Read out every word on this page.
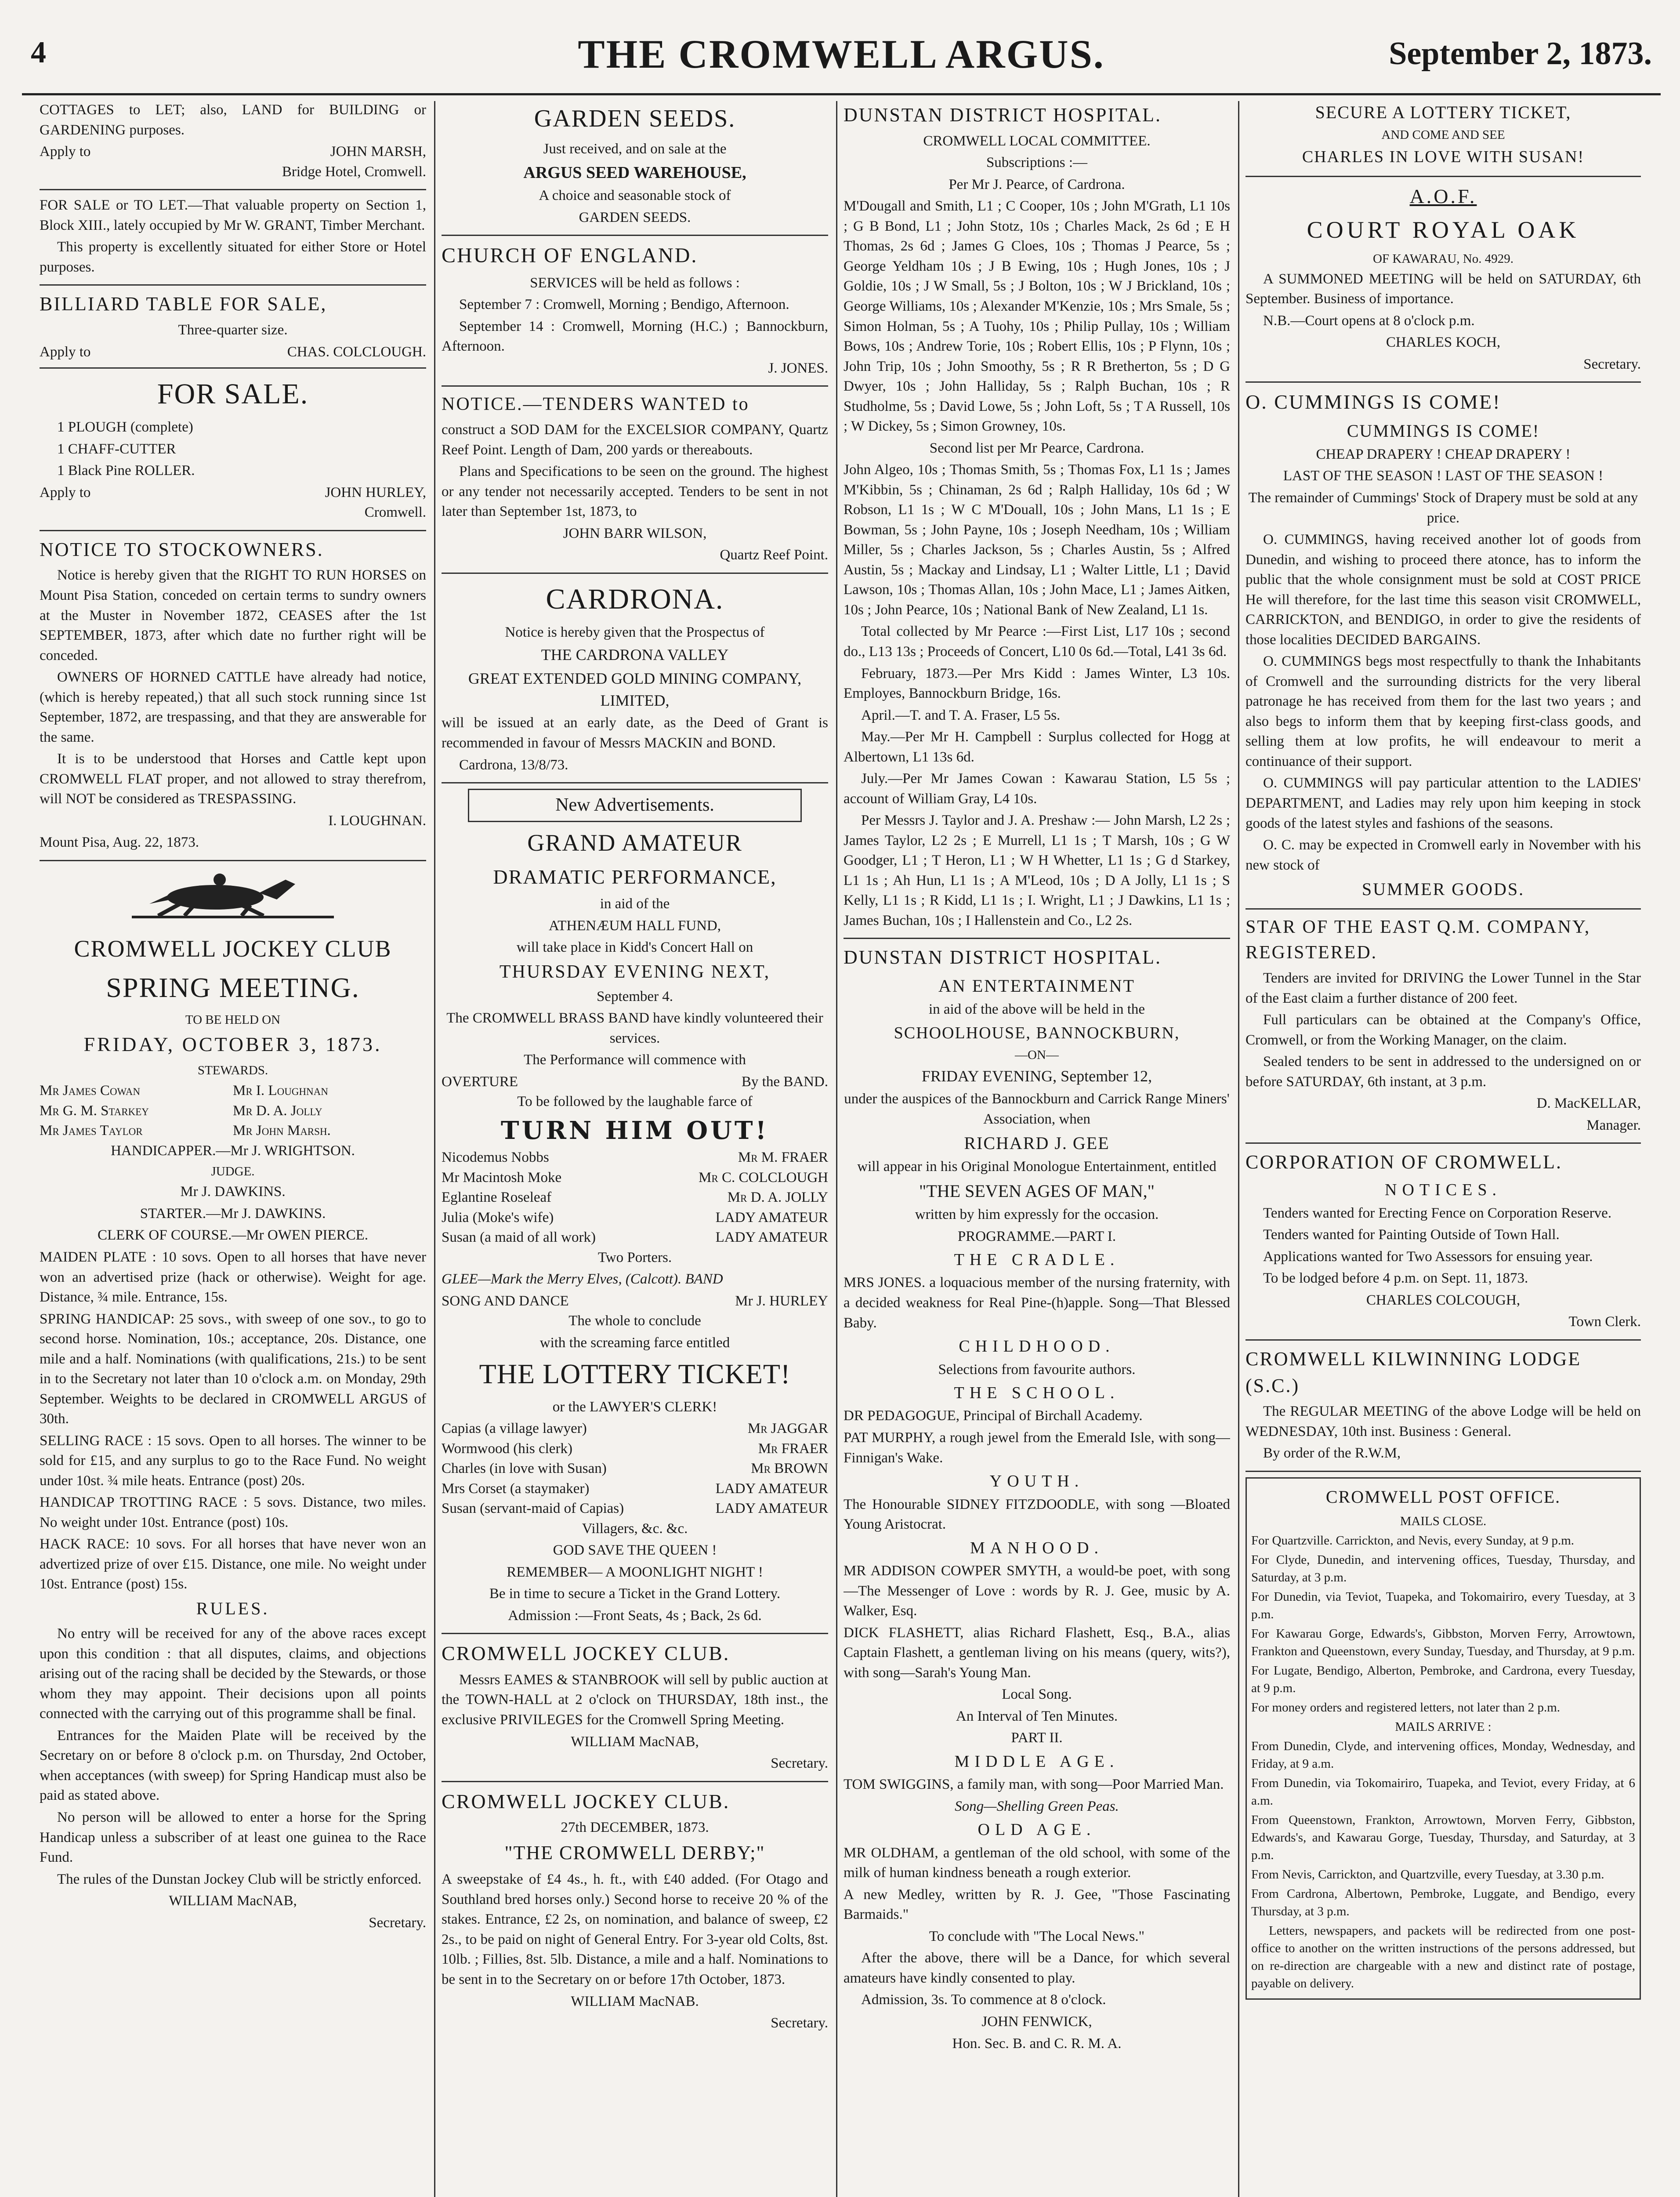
4	THE CROMWELL ARGUS.	September 2, 1873.

COTTAGES to LET; also, LAND for BUILDING or GARDENING purposes.

Apply to	JOHN MARSH,

Bridge Hotel, Cromwell.

FOR SALE or TO LET.—That valuable property on Section 1, Block XIII., lately occupied by Mr W. GRANT, Timber Merchant.

This property is excellently situated for either Store or Hotel purposes.

BILLIARD TABLE FOR SALE,

Three-quarter size.

Apply to	CHAS. COLCLOUGH.
FOR SALE.

1 PLOUGH (complete)

1 CHAFF-CUTTER

1 Black Pine ROLLER.

Apply to	JOHN HURLEY,

Cromwell.

NOTICE TO STOCKOWNERS.

Notice is hereby given that the RIGHT TO RUN HORSES on Mount Pisa Station, conceded on certain terms to sundry owners at the Muster in November 1872, CEASES after the 1st SEPTEMBER, 1873, after which date no further right will be conceded.

OWNERS OF HORNED CATTLE have already had notice, (which is hereby repeated,) that all such stock running since 1st September, 1872, are trespassing, and that they are answerable for the same.

It is to be understood that Horses and Cattle kept upon CROMWELL FLAT proper, and not allowed to stray therefrom, will NOT be considered as TRESPASSING.

I. LOUGHNAN.

Mount Pisa, Aug. 22, 1873.

CROMWELL JOCKEY CLUB
SPRING MEETING.

TO BE HELD ON

FRIDAY, OCTOBER 3, 1873.

STEWARDS.

Mr James Cowan	Mr I. Loughnan
Mr G. M. Starkey	Mr D. A. Jolly
Mr James Taylor	Mr John Marsh.

HANDICAPPER.—Mr J. WRIGHTSON.

JUDGE.

Mr J. DAWKINS.

STARTER.—Mr J. DAWKINS.

CLERK OF COURSE.—Mr OWEN PIERCE.

MAIDEN PLATE : 10 sovs. Open to all horses that have never won an advertised prize (hack or otherwise). Weight for age. Distance, ¾ mile. Entrance, 15s.

SPRING HANDICAP: 25 sovs., with sweep of one sov., to go to second horse. Nomination, 10s.; acceptance, 20s. Distance, one mile and a half. Nominations (with qualifications, 21s.) to be sent in to the Secretary not later than 10 o'clock a.m. on Monday, 29th September. Weights to be declared in CROMWELL ARGUS of 30th.

SELLING RACE : 15 sovs. Open to all horses. The winner to be sold for £15, and any surplus to go to the Race Fund. No weight under 10st. ¾ mile heats. Entrance (post) 20s.

HANDICAP TROTTING RACE : 5 sovs. Distance, two miles. No weight under 10st. Entrance (post) 10s.

HACK RACE: 10 sovs. For all horses that have never won an advertized prize of over £15. Distance, one mile. No weight under 10st. Entrance (post) 15s.

RULES.

No entry will be received for any of the above races except upon this condition : that all disputes, claims, and objections arising out of the racing shall be decided by the Stewards, or those whom they may appoint. Their decisions upon all points connected with the carrying out of this programme shall be final.

Entrances for the Maiden Plate will be received by the Secretary on or before 8 o'clock p.m. on Thursday, 2nd October, when acceptances (with sweep) for Spring Handicap must also be paid as stated above.

No person will be allowed to enter a horse for the Spring Handicap unless a subscriber of at least one guinea to the Race Fund.

The rules of the Dunstan Jockey Club will be strictly enforced.

WILLIAM MacNAB,

Secretary.

GARDEN SEEDS.

Just received, and on sale at the

ARGUS SEED WAREHOUSE,

A choice and seasonable stock of

GARDEN SEEDS.

CHURCH OF ENGLAND.

SERVICES will be held as follows :

September 7 : Cromwell, Morning ; Bendigo, Afternoon.

September 14 : Cromwell, Morning (H.C.) ; Bannockburn, Afternoon.

J. JONES.

NOTICE.—TENDERS WANTED to

construct a SOD DAM for the EXCELSIOR COMPANY, Quartz Reef Point. Length of Dam, 200 yards or thereabouts.

Plans and Specifications to be seen on the ground. The highest or any tender not necessarily accepted. Tenders to be sent in not later than September 1st, 1873, to

JOHN BARR WILSON,

Quartz Reef Point.

CARDRONA.

Notice is hereby given that the Prospectus of

THE CARDRONA VALLEY

GREAT EXTENDED GOLD MINING COMPANY, LIMITED,

will be issued at an early date, as the Deed of Grant is recommended in favour of Messrs MACKIN and BOND.

Cardrona, 13/8/73.

New Advertisements.
GRAND AMATEUR
DRAMATIC PERFORMANCE,

in aid of the

ATHENÆUM HALL FUND,

will take place in Kidd's Concert Hall on

THURSDAY EVENING NEXT,

September 4.

The CROMWELL BRASS BAND have kindly volunteered their services.

The Performance will commence with

OVERTURE	By the BAND.

To be followed by the laughable farce of

TURN HIM OUT!
Nicodemus Nobbs	Mr M. FRAER
Mr Macintosh Moke	Mr C. COLCLOUGH
Eglantine Roseleaf	Mr D. A. JOLLY
Julia (Moke's wife)	LADY AMATEUR
Susan (a maid of all work)	LADY AMATEUR

Two Porters.

GLEE—Mark the Merry Elves, (Calcott). BAND

SONG AND DANCE	Mr J. HURLEY

The whole to conclude

with the screaming farce entitled

THE LOTTERY TICKET!

or the LAWYER'S CLERK!

Capias (a village lawyer)	Mr JAGGAR
Wormwood (his clerk)	Mr FRAER
Charles (in love with Susan)	Mr BROWN
Mrs Corset (a staymaker)	LADY AMATEUR
Susan (servant-maid of Capias)	LADY AMATEUR

Villagers, &c. &c.

GOD SAVE THE QUEEN !

REMEMBER— A MOONLIGHT NIGHT !

Be in time to secure a Ticket in the Grand Lottery.

Admission :—Front Seats, 4s ; Back, 2s 6d.

CROMWELL JOCKEY CLUB.

Messrs EAMES & STANBROOK will sell by public auction at the TOWN-HALL at 2 o'clock on THURSDAY, 18th inst., the exclusive PRIVILEGES for the Cromwell Spring Meeting.

WILLIAM MacNAB,

Secretary.

CROMWELL JOCKEY CLUB.

27th DECEMBER, 1873.

"THE CROMWELL DERBY;"

A sweepstake of £4 4s., h. ft., with £40 added. (For Otago and Southland bred horses only.) Second horse to receive 20 % of the stakes. Entrance, £2 2s, on nomination, and balance of sweep, £2 2s., to be paid on night of General Entry. For 3-year old Colts, 8st. 10lb. ; Fillies, 8st. 5lb. Distance, a mile and a half. Nominations to be sent in to the Secretary on or before 17th October, 1873.

WILLIAM MacNAB.

Secretary.

DUNSTAN DISTRICT HOSPITAL.

CROMWELL LOCAL COMMITTEE.

Subscriptions :—

Per Mr J. Pearce, of Cardrona.

M'Dougall and Smith, L1 ; C Cooper, 10s ; John M'Grath, L1 10s ; G B Bond, L1 ; John Stotz, 10s ; Charles Mack, 2s 6d ; E H Thomas, 2s 6d ; James G Cloes, 10s ; Thomas J Pearce, 5s ; George Yeldham 10s ; J B Ewing, 10s ; Hugh Jones, 10s ; J Goldie, 10s ; J W Small, 5s ; J Bolton, 10s ; W J Brickland, 10s ; George Williams, 10s ; Alexander M'Kenzie, 10s ; Mrs Smale, 5s ; Simon Holman, 5s ; A Tuohy, 10s ; Philip Pullay, 10s ; William Bows, 10s ; Andrew Torie, 10s ; Robert Ellis, 10s ; P Flynn, 10s ; John Trip, 10s ; John Smoothy, 5s ; R R Bretherton, 5s ; D G Dwyer, 10s ; John Halliday, 5s ; Ralph Buchan, 10s ; R Studholme, 5s ; David Lowe, 5s ; John Loft, 5s ; T A Russell, 10s ; W Dickey, 5s ; Simon Growney, 10s.

Second list per Mr Pearce, Cardrona.

John Algeo, 10s ; Thomas Smith, 5s ; Thomas Fox, L1 1s ; James M'Kibbin, 5s ; Chinaman, 2s 6d ; Ralph Halliday, 10s 6d ; W Robson, L1 1s ; W C M'Douall, 10s ; John Mans, L1 1s ; E Bowman, 5s ; John Payne, 10s ; Joseph Needham, 10s ; William Miller, 5s ; Charles Jackson, 5s ; Charles Austin, 5s ; Alfred Austin, 5s ; Mackay and Lindsay, L1 ; Walter Little, L1 ; David Lawson, 10s ; Thomas Allan, 10s ; John Mace, L1 ; James Aitken, 10s ; John Pearce, 10s ; National Bank of New Zealand, L1 1s.

Total collected by Mr Pearce :—First List, L17 10s ; second do., L13 13s ; Proceeds of Concert, L10 0s 6d.—Total, L41 3s 6d.

February, 1873.—Per Mrs Kidd : James Winter, L3 10s. Employes, Bannockburn Bridge, 16s.

April.—T. and T. A. Fraser, L5 5s.

May.—Per Mr H. Campbell : Surplus collected for Hogg at Albertown, L1 13s 6d.

July.—Per Mr James Cowan : Kawarau Station, L5 5s ; account of William Gray, L4 10s.

Per Messrs J. Taylor and J. A. Preshaw :— John Marsh, L2 2s ; James Taylor, L2 2s ; E Murrell, L1 1s ; T Marsh, 10s ; G W Goodger, L1 ; T Heron, L1 ; W H Whetter, L1 1s ; G d Starkey, L1 1s ; Ah Hun, L1 1s ; A M'Leod, 10s ; D A Jolly, L1 1s ; S Kelly, L1 1s ; R Kidd, L1 1s ; I. Wright, L1 ; J Dawkins, L1 1s ; James Buchan, 10s ; I Hallenstein and Co., L2 2s.

DUNSTAN DISTRICT HOSPITAL.

AN ENTERTAINMENT

in aid of the above will be held in the

SCHOOLHOUSE, BANNOCKBURN,

—ON—

FRIDAY EVENING, September 12,

under the auspices of the Bannockburn and Carrick Range Miners' Association, when

RICHARD J. GEE

will appear in his Original Monologue Entertainment, entitled

"THE SEVEN AGES OF MAN,"

written by him expressly for the occasion.

PROGRAMME.—PART I.

THE CRADLE.

MRS JONES. a loquacious member of the nursing fraternity, with a decided weakness for Real Pine-(h)apple. Song—That Blessed Baby.

CHILDHOOD.

Selections from favourite authors.

THE SCHOOL.

DR PEDAGOGUE, Principal of Birchall Academy.

PAT MURPHY, a rough jewel from the Emerald Isle, with song—Finnigan's Wake.

YOUTH.

The Honourable SIDNEY FITZDOODLE, with song —Bloated Young Aristocrat.

MANHOOD.

MR ADDISON COWPER SMYTH, a would-be poet, with song—The Messenger of Love : words by R. J. Gee, music by A. Walker, Esq.

DICK FLASHETT, alias Richard Flashett, Esq., B.A., alias Captain Flashett, a gentleman living on his means (query, wits?), with song—Sarah's Young Man.

Local Song.

An Interval of Ten Minutes.

PART II.

MIDDLE AGE.

TOM SWIGGINS, a family man, with song—Poor Married Man.

Song—Shelling Green Peas.

OLD AGE.

MR OLDHAM, a gentleman of the old school, with some of the milk of human kindness beneath a rough exterior.

A new Medley, written by R. J. Gee, "Those Fascinating Barmaids."

To conclude with "The Local News."

After the above, there will be a Dance, for which several amateurs have kindly consented to play.

Admission, 3s. To commence at 8 o'clock.

JOHN FENWICK,

Hon. Sec. B. and C. R. M. A.

SECURE A LOTTERY TICKET,

AND COME AND SEE

CHARLES IN LOVE WITH SUSAN!

A.O.F.
COURT ROYAL OAK

OF KAWARAU, No. 4929.

A SUMMONED MEETING will be held on SATURDAY, 6th September. Business of importance.

N.B.—Court opens at 8 o'clock p.m.

CHARLES KOCH,

Secretary.

O. CUMMINGS IS COME!

CUMMINGS IS COME!

CHEAP DRAPERY ! CHEAP DRAPERY !

LAST OF THE SEASON ! LAST OF THE SEASON !

The remainder of Cummings' Stock of Drapery must be sold at any price.

O. CUMMINGS, having received another lot of goods from Dunedin, and wishing to proceed there atonce, has to inform the public that the whole consignment must be sold at COST PRICE He will therefore, for the last time this season visit CROMWELL, CARRICKTON, and BENDIGO, in order to give the residents of those localities DECIDED BARGAINS.

O. CUMMINGS begs most respectfully to thank the Inhabitants of Cromwell and the surrounding districts for the very liberal patronage he has received from them for the last two years ; and also begs to inform them that by keeping first-class goods, and selling them at low profits, he will endeavour to merit a continuance of their support.

O. CUMMINGS will pay particular attention to the LADIES' DEPARTMENT, and Ladies may rely upon him keeping in stock goods of the latest styles and fashions of the seasons.

O. C. may be expected in Cromwell early in November with his new stock of

SUMMER GOODS.

STAR OF THE EAST Q.M. COMPANY, REGISTERED.

Tenders are invited for DRIVING the Lower Tunnel in the Star of the East claim a further distance of 200 feet.

Full particulars can be obtained at the Company's Office, Cromwell, or from the Working Manager, on the claim.

Sealed tenders to be sent in addressed to the undersigned on or before SATURDAY, 6th instant, at 3 p.m.

D. MacKELLAR,

Manager.

CORPORATION OF CROMWELL.

NOTICES.

Tenders wanted for Erecting Fence on Corporation Reserve.

Tenders wanted for Painting Outside of Town Hall.

Applications wanted for Two Assessors for ensuing year.

To be lodged before 4 p.m. on Sept. 11, 1873.

CHARLES COLCOUGH,

Town Clerk.

CROMWELL KILWINNING LODGE (S.C.)

The REGULAR MEETING of the above Lodge will be held on WEDNESDAY, 10th inst. Business : General.

By order of the R.W.M,

CROMWELL POST OFFICE.

MAILS CLOSE.

For Quartzville. Carrickton, and Nevis, every Sunday, at 9 p.m.

For Clyde, Dunedin, and intervening offices, Tuesday, Thursday, and Saturday, at 3 p.m.

For Dunedin, via Teviot, Tuapeka, and Tokomairiro, every Tuesday, at 3 p.m.

For Kawarau Gorge, Edwards's, Gibbston, Morven Ferry, Arrowtown, Frankton and Queenstown, every Sunday, Tuesday, and Thursday, at 9 p.m.

For Lugate, Bendigo, Alberton, Pembroke, and Cardrona, every Tuesday, at 9 p.m.

For money orders and registered letters, not later than 2 p.m.

MAILS ARRIVE :

From Dunedin, Clyde, and intervening offices, Monday, Wednesday, and Friday, at 9 a.m.

From Dunedin, via Tokomairiro, Tuapeka, and Teviot, every Friday, at 6 a.m.

From Queenstown, Frankton, Arrowtown, Morven Ferry, Gibbston, Edwards's, and Kawarau Gorge, Tuesday, Thursday, and Saturday, at 3 p.m.

From Nevis, Carrickton, and Quartzville, every Tuesday, at 3.30 p.m.

From Cardrona, Albertown, Pembroke, Luggate, and Bendigo, every Thursday, at 3 p.m.

Letters, newspapers, and packets will be redirected from one post-office to another on the written instructions of the persons addressed, but on re-direction are chargeable with a new and distinct rate of postage, payable on delivery.
